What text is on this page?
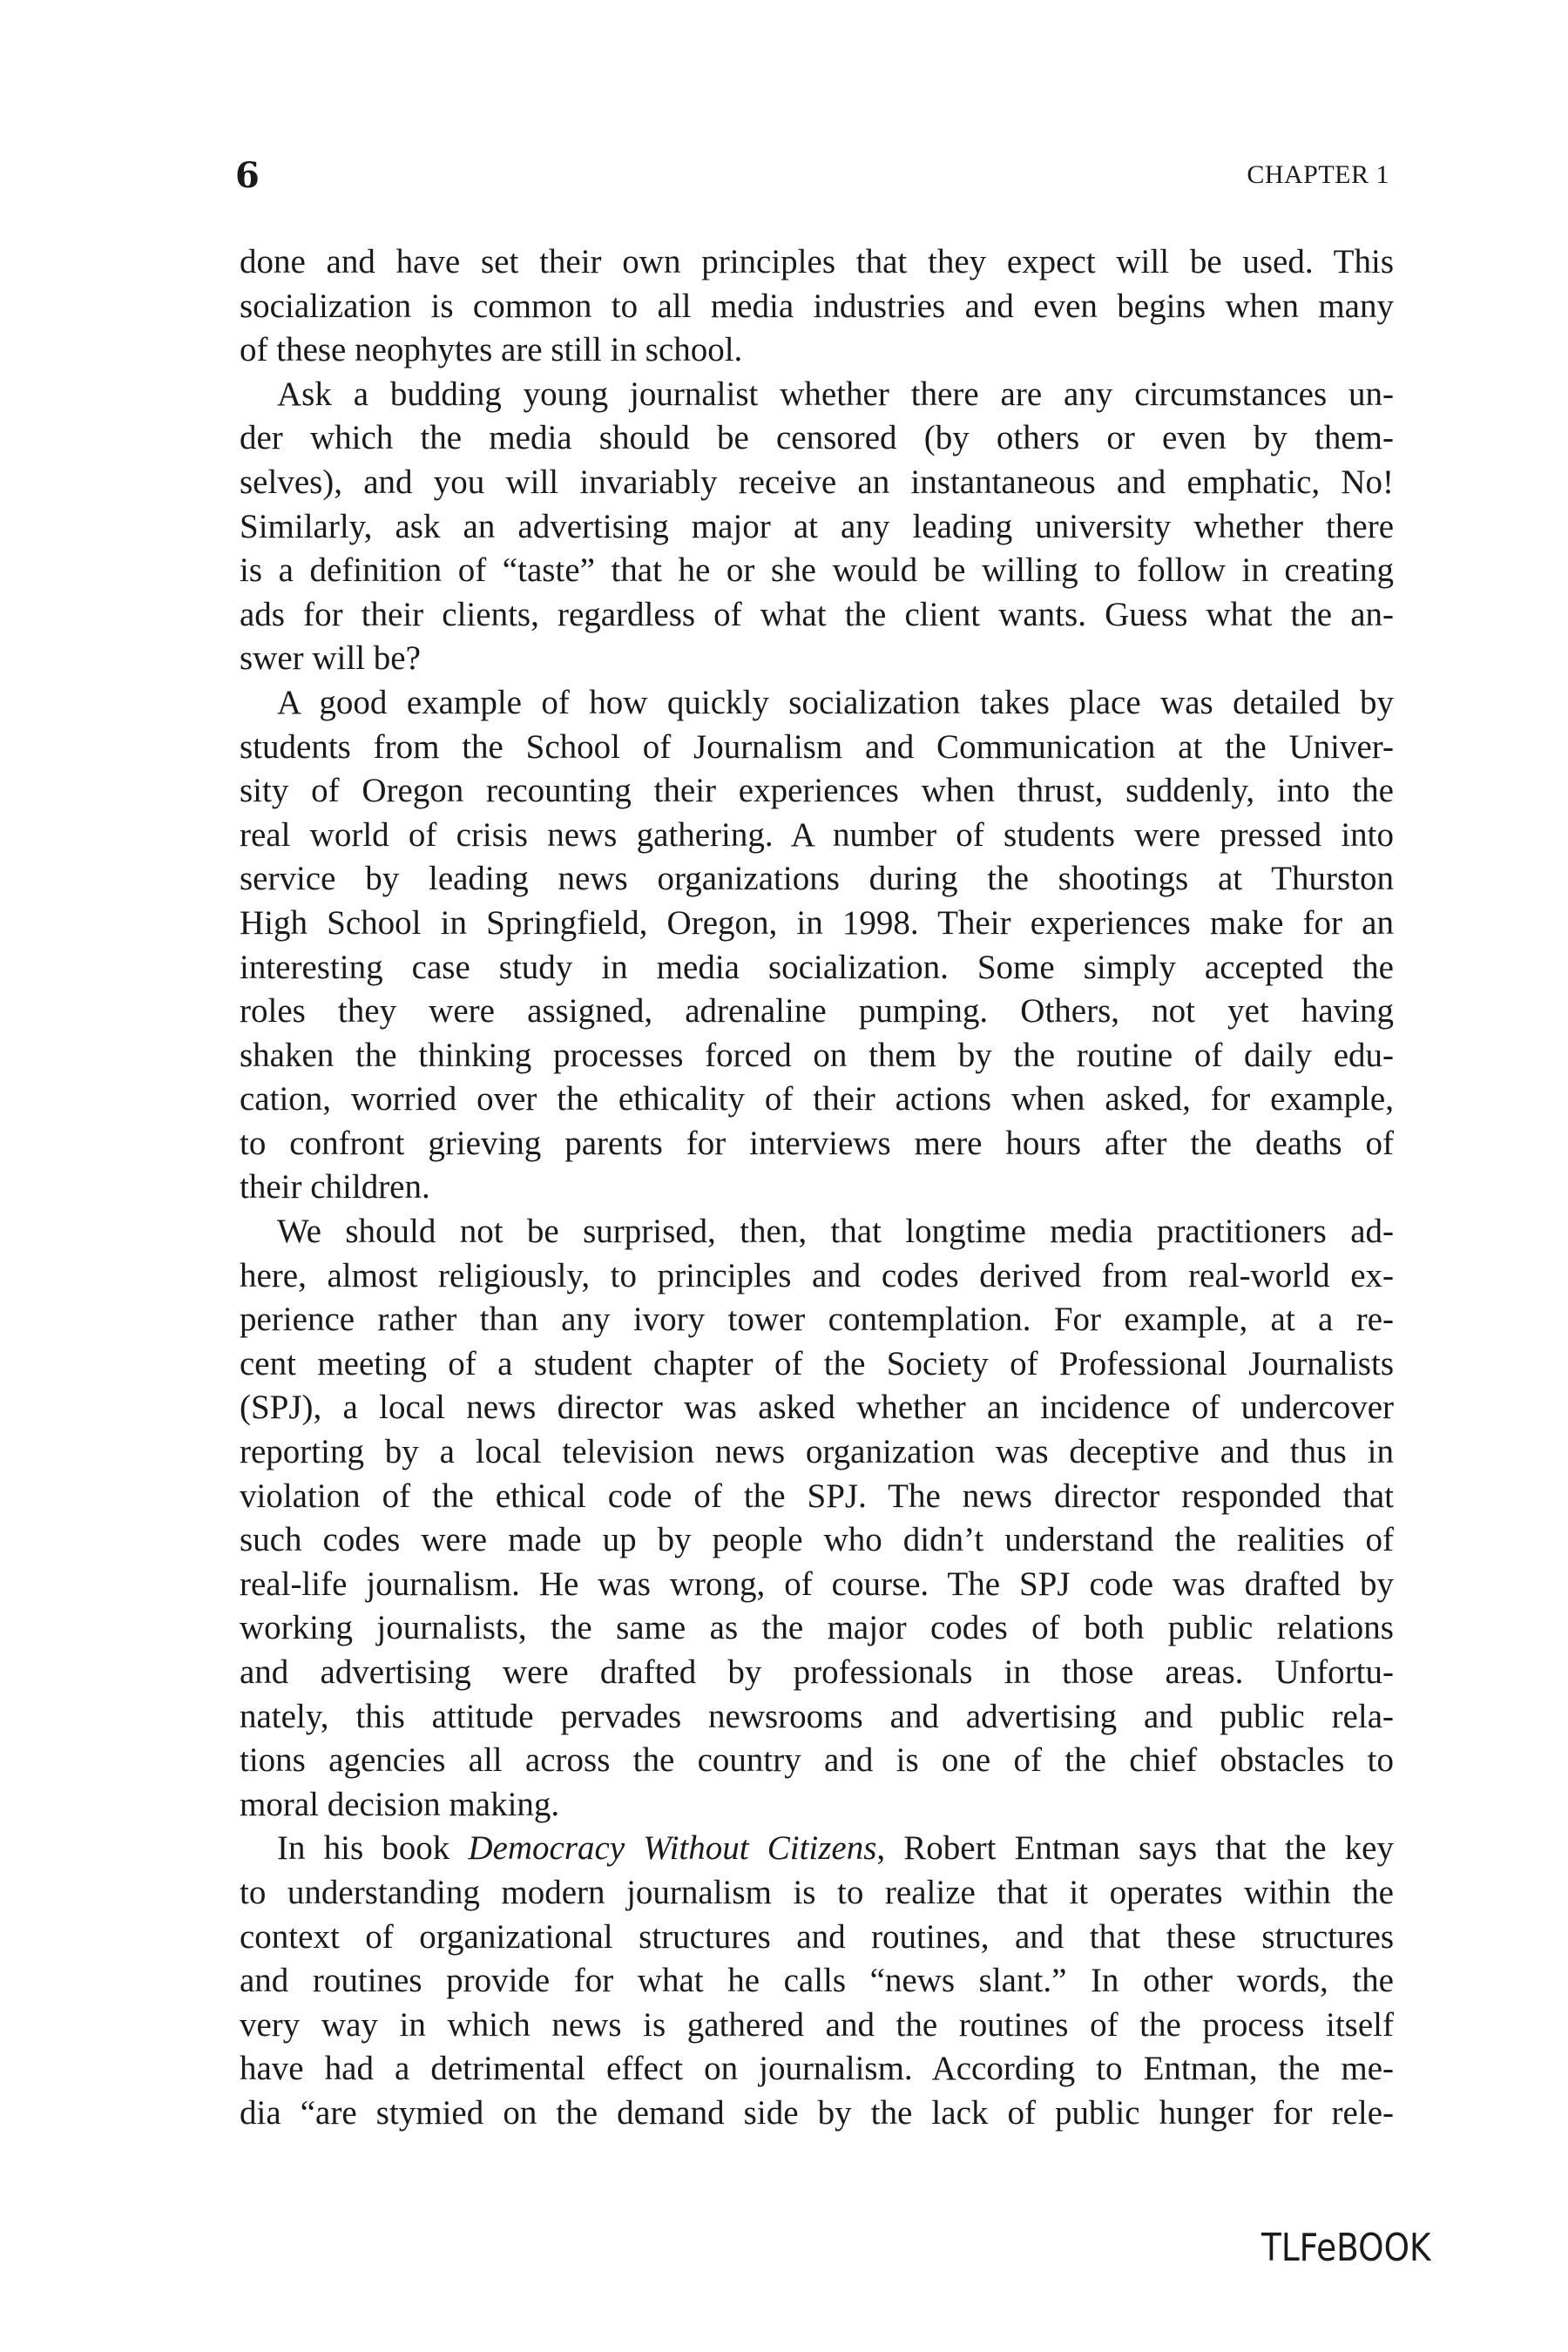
6	CHAPTER 1
done and have set their own principles that they expect will be used. This
socialization is common to all media industries and even begins when many
of these neophytes are still in school.
Ask a budding young journalist whether there are any circumstances un-
der which the media should be censored (by others or even by them-
selves), and you will invariably receive an instantaneous and emphatic, No!
Similarly, ask an advertising major at any leading university whether there
is a definition of “taste” that he or she would be willing to follow in creating
ads for their clients, regardless of what the client wants. Guess what the an-
swer will be?
A good example of how quickly socialization takes place was detailed by
students from the School of Journalism and Communication at the Univer-
sity of Oregon recounting their experiences when thrust, suddenly, into the
real world of crisis news gathering. A number of students were pressed into
service by leading news organizations during the shootings at Thurston
High School in Springfield, Oregon, in 1998. Their experiences make for an
interesting case study in media socialization. Some simply accepted the
roles they were assigned, adrenaline pumping. Others, not yet having
shaken the thinking processes forced on them by the routine of daily edu-
cation, worried over the ethicality of their actions when asked, for example,
to confront grieving parents for interviews mere hours after the deaths of
their children.
We should not be surprised, then, that longtime media practitioners ad-
here, almost religiously, to principles and codes derived from real-world ex-
perience rather than any ivory tower contemplation. For example, at a re-
cent meeting of a student chapter of the Society of Professional Journalists
(SPJ), a local news director was asked whether an incidence of undercover
reporting by a local television news organization was deceptive and thus in
violation of the ethical code of the SPJ. The news director responded that
such codes were made up by people who didn’t understand the realities of
real-life journalism. He was wrong, of course. The SPJ code was drafted by
working journalists, the same as the major codes of both public relations
and advertising were drafted by professionals in those areas. Unfortu-
nately, this attitude pervades newsrooms and advertising and public rela-
tions agencies all across the country and is one of the chief obstacles to
moral decision making.
In his book Democracy Without Citizens, Robert Entman says that the key
to understanding modern journalism is to realize that it operates within the
context of organizational structures and routines, and that these structures
and routines provide for what he calls “news slant.” In other words, the
very way in which news is gathered and the routines of the process itself
have had a detrimental effect on journalism. According to Entman, the me-
dia “are stymied on the demand side by the lack of public hunger for rele-
TLFeBOOK
